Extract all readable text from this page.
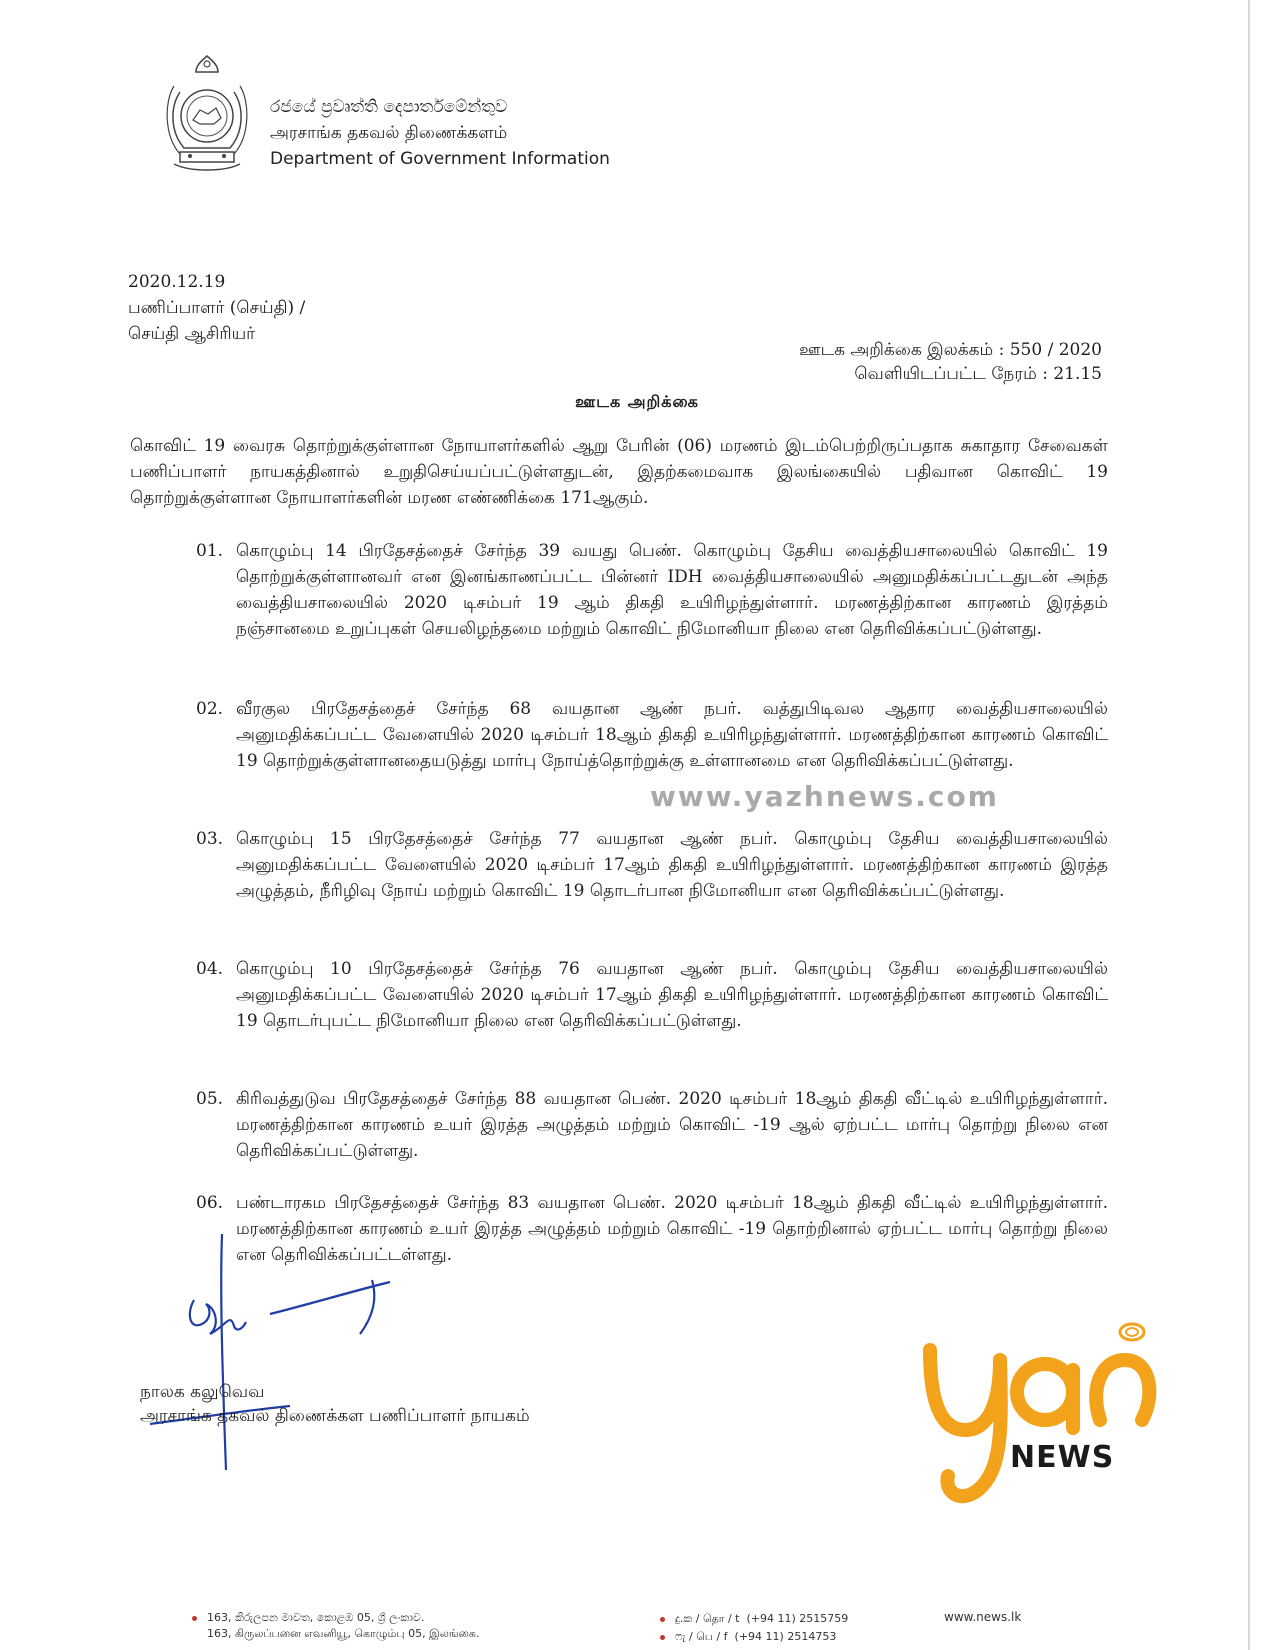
රජයේ ප්‍රවෘත්ති දෙපාර්තමේන්තුව
அரசாங்க தகவல் திணைக்களம்
Department of Government Information
2020.12.19
பணிப்பாளர் (செய்தி) /
செய்தி ஆசிரியர்
ஊடக அறிக்கை இலக்கம் : 550 / 2020
வெளியிடப்பட்ட நேரம் : 21.15
ஊடக அறிக்கை
கொவிட் 19 வைரசு தொற்றுக்குள்ளான நோயாளர்களில் ஆறு பேரின் (06) மரணம் இடம்பெற்றிருப்பதாக சுகாதார சேவைகள் பணிப்பாளர் நாயகத்தினால் உறுதிசெய்யப்பட்டுள்ளதுடன், இதற்கமைவாக இலங்கையில் பதிவான கொவிட் 19 தொற்றுக்குள்ளான நோயாளர்களின் மரண எண்ணிக்கை 171ஆகும்.
01. கொழும்பு 14 பிரதேசத்தைச் சேர்ந்த 39 வயது பெண். கொழும்பு தேசிய வைத்தியசாலையில் கொவிட் 19 தொற்றுக்குள்ளானவர் என இனங்காணப்பட்ட பின்னர் IDH வைத்தியசாலையில் அனுமதிக்கப்பட்டதுடன் அந்த வைத்தியசாலையில் 2020 டிசம்பர் 19 ஆம் திகதி உயிரிழந்துள்ளார். மரணத்திற்கான காரணம் இரத்தம் நஞ்சானமை உறுப்புகள் செயலிழந்தமை மற்றும் கொவிட் நிமோனியா நிலை என தெரிவிக்கப்பட்டுள்ளது.
02. வீரகுல பிரதேசத்தைச் சேர்ந்த 68 வயதான ஆண் நபர். வத்துபிடிவல ஆதார வைத்தியசாலையில் அனுமதிக்கப்பட்ட வேளையில் 2020 டிசம்பர் 18ஆம் திகதி உயிரிழந்துள்ளார். மரணத்திற்கான காரணம் கொவிட் 19 தொற்றுக்குள்ளானதையடுத்து மார்பு நோய்த்தொற்றுக்கு உள்ளானமை என தெரிவிக்கப்பட்டுள்ளது.
03. கொழும்பு 15 பிரதேசத்தைச் சேர்ந்த 77 வயதான ஆண் நபர். கொழும்பு தேசிய வைத்தியசாலையில் அனுமதிக்கப்பட்ட வேளையில் 2020 டிசம்பர் 17ஆம் திகதி உயிரிழந்துள்ளார். மரணத்திற்கான காரணம் இரத்த அழுத்தம், நீரிழிவு நோய் மற்றும் கொவிட் 19 தொடர்பான நிமோனியா என தெரிவிக்கப்பட்டுள்ளது.
04. கொழும்பு 10 பிரதேசத்தைச் சேர்ந்த 76 வயதான ஆண் நபர். கொழும்பு தேசிய வைத்தியசாலையில் அனுமதிக்கப்பட்ட வேளையில் 2020 டிசம்பர் 17ஆம் திகதி உயிரிழந்துள்ளார். மரணத்திற்கான காரணம் கொவிட் 19 தொடர்புபட்ட நிமோனியா நிலை என தெரிவிக்கப்பட்டுள்ளது.
05. கிரிவத்துடுவ பிரதேசத்தைச் சேர்ந்த 88 வயதான பெண். 2020 டிசம்பர் 18ஆம் திகதி வீட்டில் உயிரிழந்துள்ளார். மரணத்திற்கான காரணம் உயர் இரத்த அழுத்தம் மற்றும் கொவிட் -19 ஆல் ஏற்பட்ட மார்பு தொற்று நிலை என தெரிவிக்கப்பட்டுள்ளது.
06. பண்டாரகம பிரதேசத்தைச் சேர்ந்த 83 வயதான பெண். 2020 டிசம்பர் 18ஆம் திகதி வீட்டில் உயிரிழந்துள்ளார். மரணத்திற்கான காரணம் உயர் இரத்த அழுத்தம் மற்றும் கொவிட் -19 தொற்றினால் ஏற்பட்ட மார்பு தொற்று நிலை என தெரிவிக்கப்பட்டள்ளது.
www.yazhnews.com
நாலக கலுவெவ
அரசாங்க தகவல் திணைக்கள பணிப்பாளர் நாயகம்
NEWS
163, කිරුලපන මාවත, කොළඹ 05, ශ්‍රී ලංකාව.
163, கிருலப்பனை எவனியூ, கொழும்பு 05, இலங்கை.
දු.ක / தொ / t (+94 11) 2515759
ෆැ / பெ / f (+94 11) 2514753
www.news.lk
